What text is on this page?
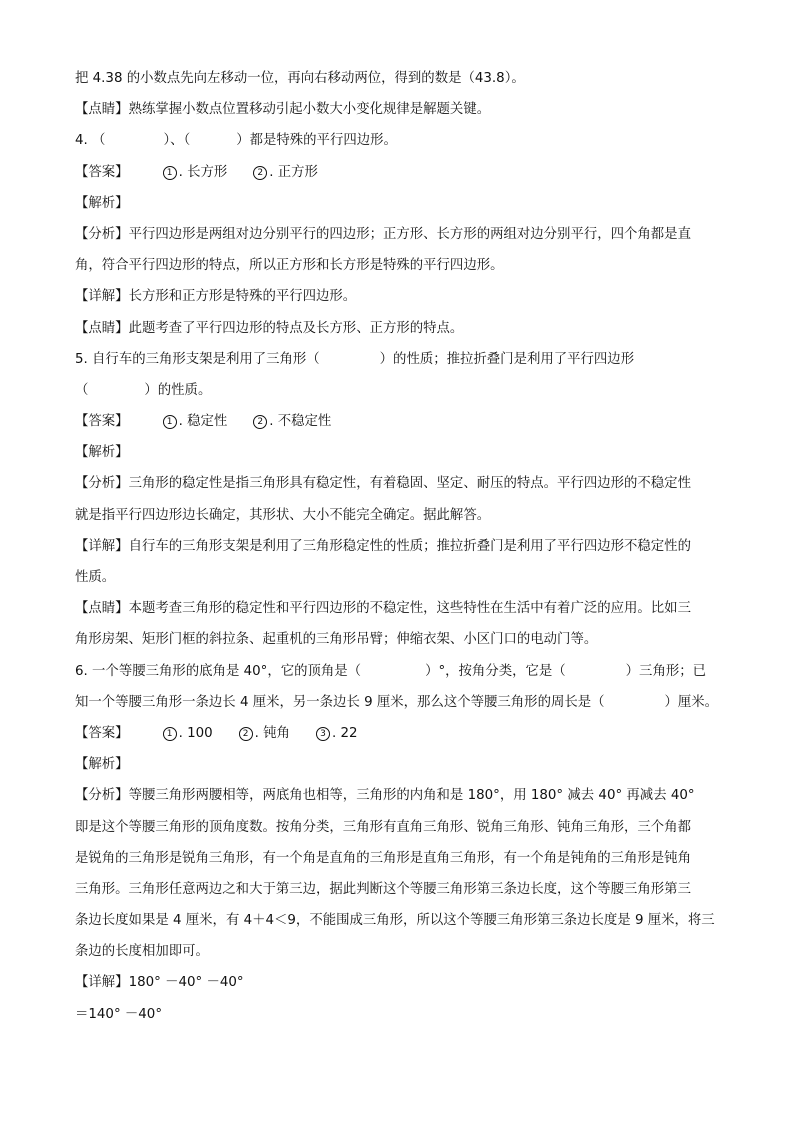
把 4.38 的小数点先向左移动一位，再向右移动两位，得到的数是（43.8）。
【点睛】熟练掌握小数点位置移动引起小数大小变化规律是解题关键。
4. （	）、（	）都是特殊的平行四边形。
【答案】	1 . 长方形	2 . 正方形
【解析】
【分析】平行四边形是两组对边分别平行的四边形；正方形、长方形的两组对边分别平行，四个角都是直
角，符合平行四边形的特点，所以正方形和长方形是特殊的平行四边形。
【详解】长方形和正方形是特殊的平行四边形。
【点睛】此题考查了平行四边形的特点及长方形、正方形的特点。
5. 自行车的三角形支架是利用了三角形（	）的性质；推拉折叠门是利用了平行四边形
（	）的性质。
【答案】	1 . 稳定性	2 . 不稳定性
【解析】
【分析】三角形的稳定性是指三角形具有稳定性，有着稳固、坚定、耐压的特点。平行四边形的不稳定性
就是指平行四边形边长确定，其形状、大小不能完全确定。据此解答。
【详解】自行车的三角形支架是利用了三角形稳定性的性质；推拉折叠门是利用了平行四边形不稳定性的
性质。
【点睛】本题考查三角形的稳定性和平行四边形的不稳定性，这些特性在生活中有着广泛的应用。比如三
角形房架、矩形门框的斜拉条、起重机的三角形吊臂；伸缩衣架、小区门口的电动门等。
6. 一个等腰三角形的底角是 40°，它的顶角是（	）°，按角分类，它是（	）三角形；已
知一个等腰三角形一条边长 4 厘米，另一条边长 9 厘米，那么这个等腰三角形的周长是（	）厘米。
【答案】	1 . 100	2 . 钝角	3 . 22
【解析】
【分析】等腰三角形两腰相等，两底角也相等，三角形的内角和是 180°，用 180° 减去 40° 再减去 40°
即是这个等腰三角形的顶角度数。按角分类，三角形有直角三角形、锐角三角形、钝角三角形，三个角都
是锐角的三角形是锐角三角形，有一个角是直角的三角形是直角三角形，有一个角是钝角的三角形是钝角
三角形。三角形任意两边之和大于第三边，据此判断这个等腰三角形第三条边长度，这个等腰三角形第三
条边长度如果是 4 厘米，有 4＋4＜9，不能围成三角形，所以这个等腰三角形第三条边长度是 9 厘米，将三
条边的长度相加即可。
【详解】180° －40° －40°
＝140° －40°
